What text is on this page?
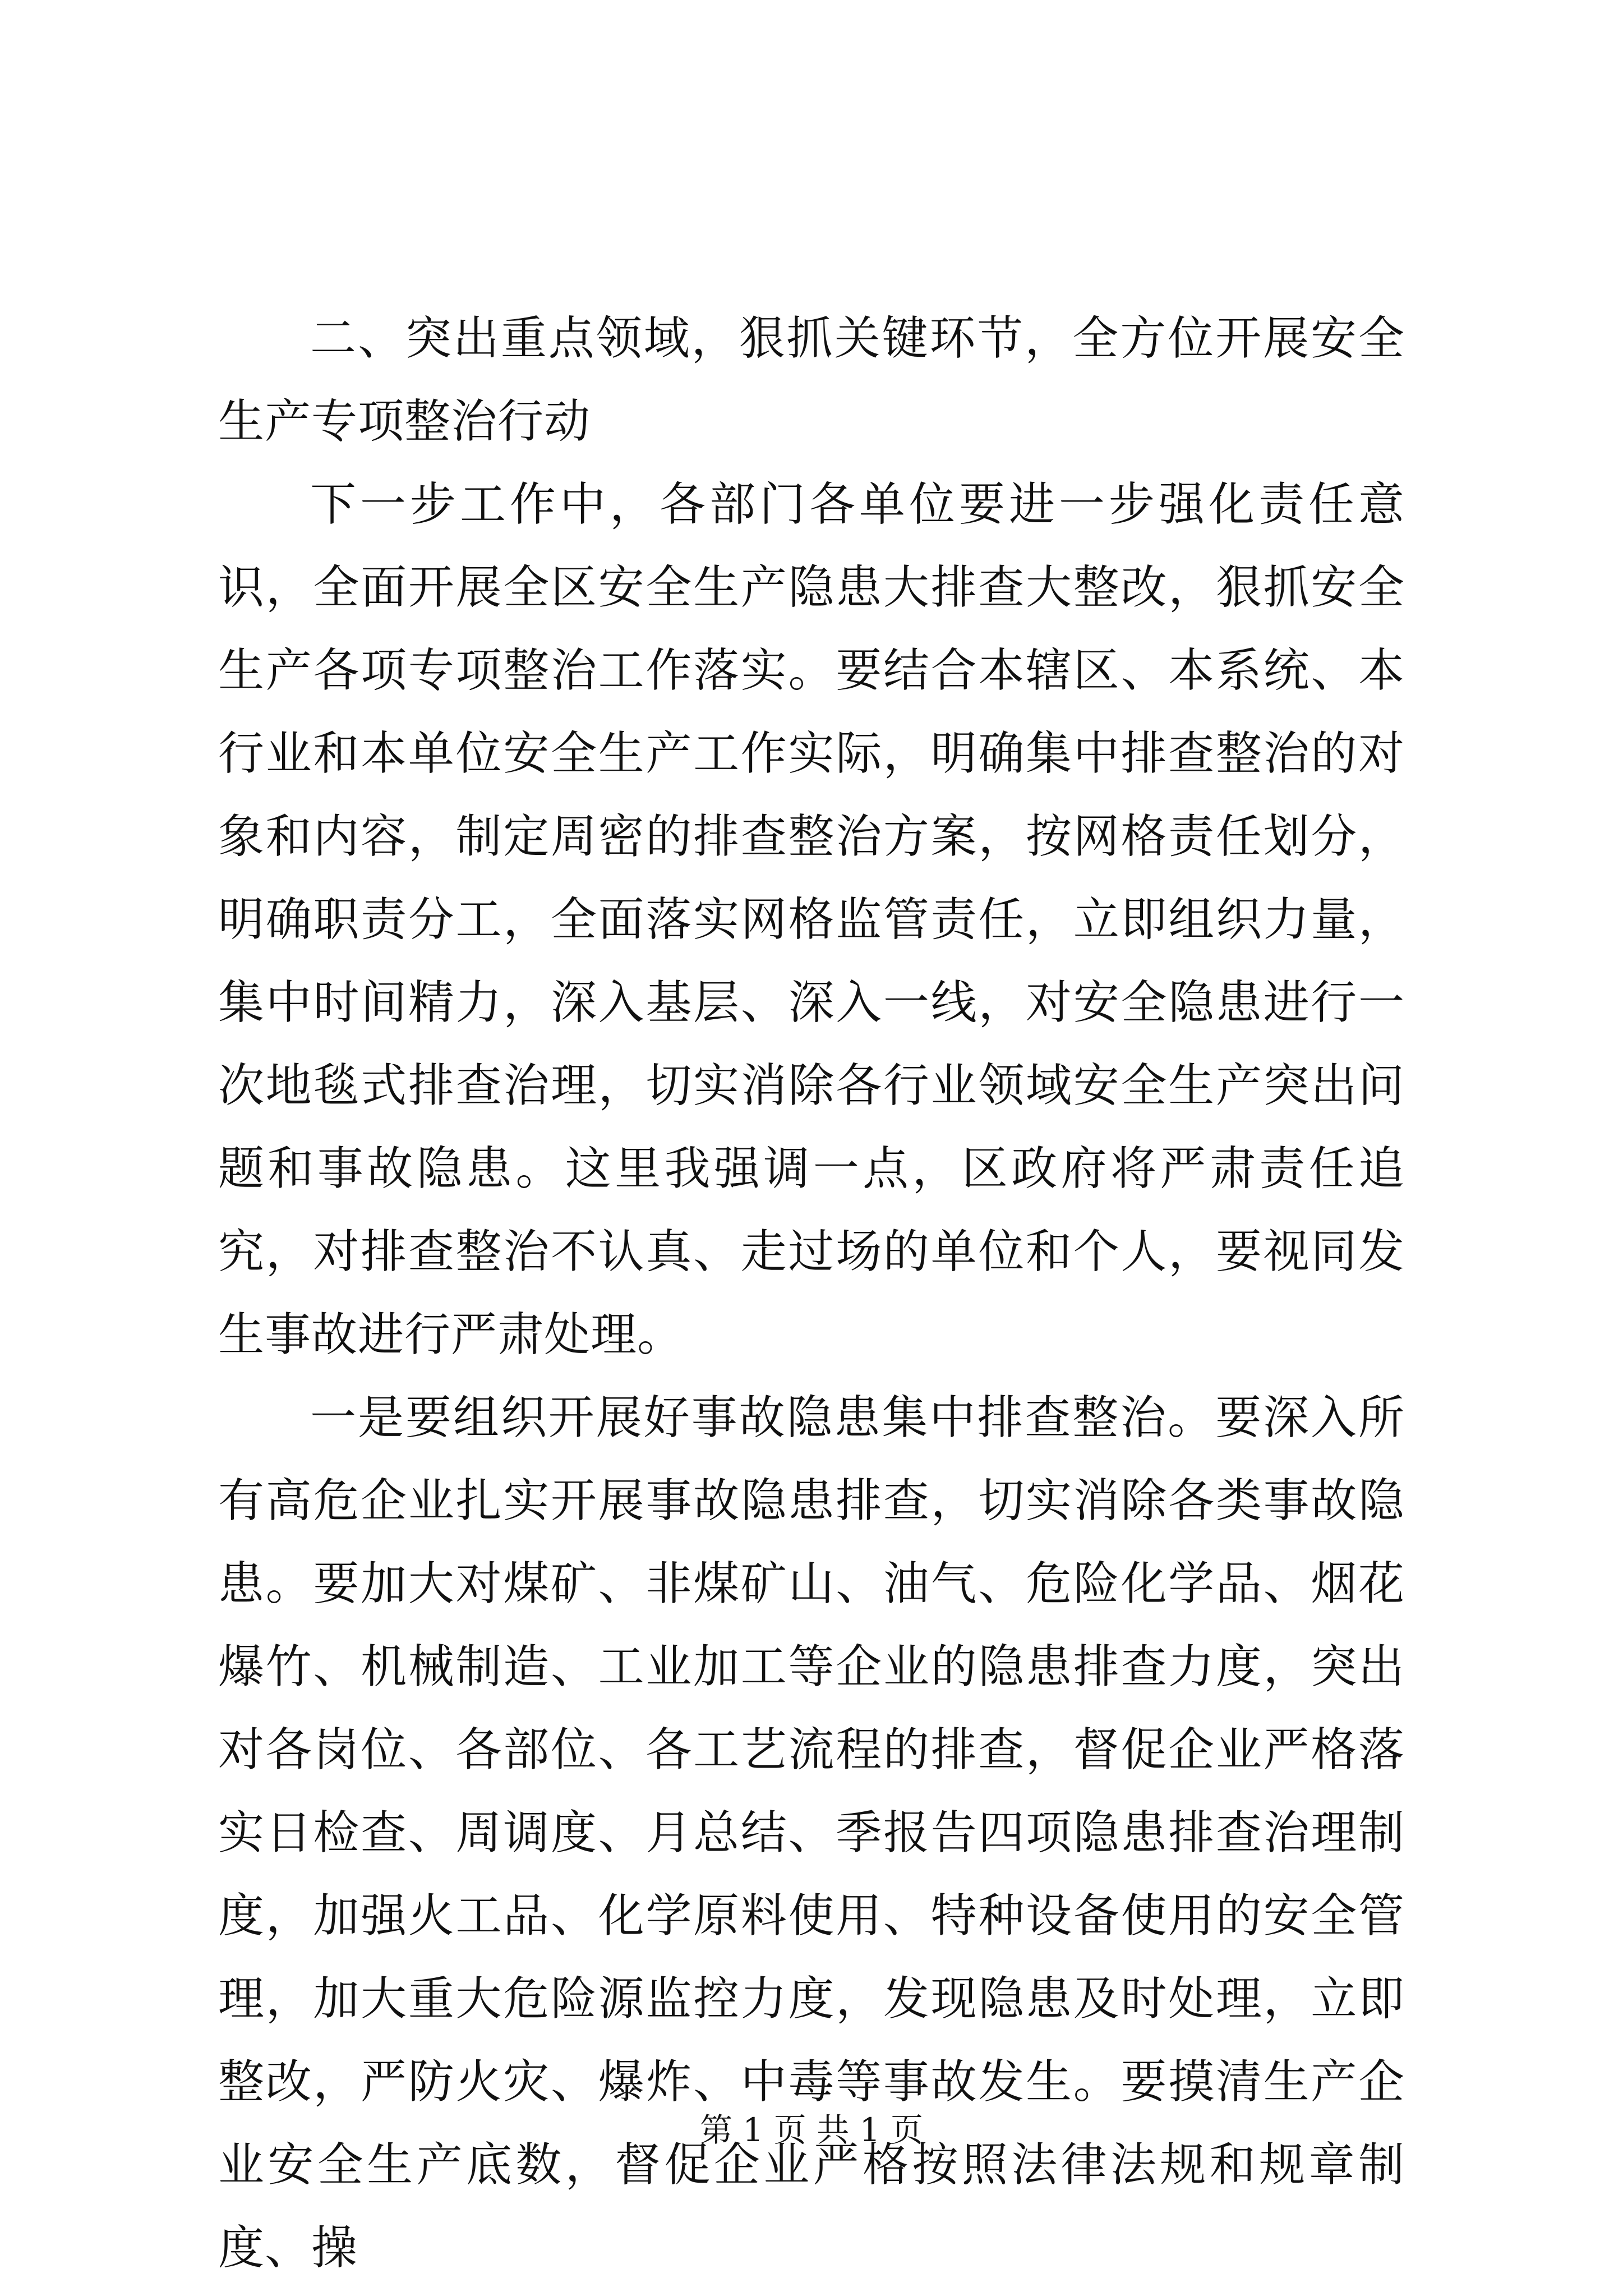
二、突出重点领域，狠抓关键环节，全方位开展安全生产专项整治行动

下一步工作中，各部门各单位要进一步强化责任意识，全面开展全区安全生产隐患大排查大整改，狠抓安全生产各项专项整治工作落实。要结合本辖区、本系统、本行业和本单位安全生产工作实际，明确集中排查整治的对象和内容，制定周密的排查整治方案，按网格责任划分，明确职责分工，全面落实网格监管责任，立即组织力量，集中时间精力，深入基层、深入一线，对安全隐患进行一次地毯式排查治理，切实消除各行业领域安全生产突出问题和事故隐患。这里我强调一点，区政府将严肃责任追究，对排查整治不认真、走过场的单位和个人，要视同发生事故进行严肃处理。

一是要组织开展好事故隐患集中排查整治。要深入所有高危企业扎实开展事故隐患排查，切实消除各类事故隐患。要加大对煤矿、非煤矿山、油气、危险化学品、烟花爆竹、机械制造、工业加工等企业的隐患排查力度，突出对各岗位、各部位、各工艺流程的排查，督促企业严格落实日检查、周调度、月总结、季报告四项隐患排查治理制度，加强火工品、化学原料使用、特种设备使用的安全管理，加大重大危险源监控力度，发现隐患及时处理，立即整改，严防火灾、爆炸、中毒等事故发生。要摸清生产企业安全生产底数，督促企业严格按照法律法规和规章制度、操

第 1 页 共 1 页
